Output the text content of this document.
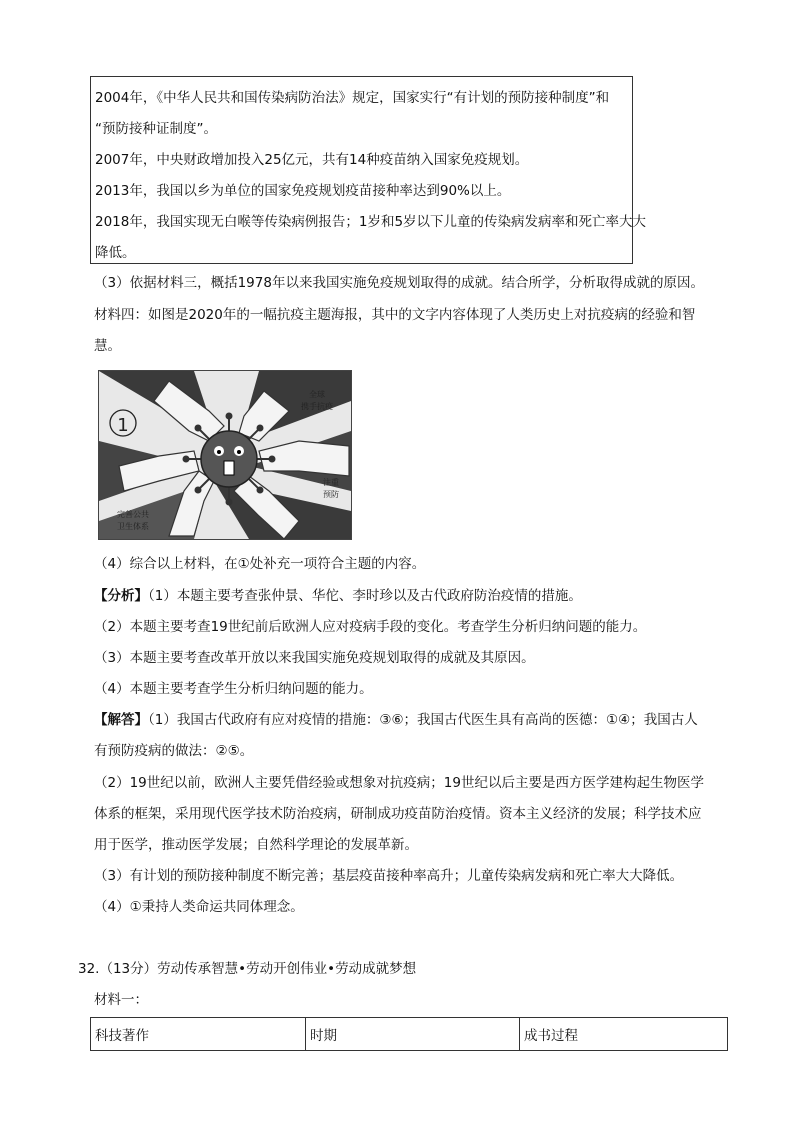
2004年，《中华人民共和国传染病防治法》规定，国家实行“有计划的预防接种制度”和
“预防接种证制度”。
2007年，中央财政增加投入25亿元，共有14种疫苗纳入国家免疫规划。
2013年，我国以乡为单位的国家免疫规划疫苗接种率达到90%以上。
2018年，我国实现无白喉等传染病例报告；1岁和5岁以下儿童的传染病发病率和死亡率大大
降低。
（3）依据材料三，概括1978年以来我国实施免疫规划取得的成就。结合所学，分析取得成就的原因。
材料四：如图是2020年的一幅抗疫主题海报，其中的文字内容体现了人类历史上对抗疫病的经验和智
慧。
1
全球
携手抗疫
注重
预防
完善公共
卫生体系
（4）综合以上材料，在①处补充一项符合主题的内容。
【分析】（1）本题主要考查张仲景、华佗、李时珍以及古代政府防治疫情的措施。
（2）本题主要考查19世纪前后欧洲人应对疫病手段的变化。考查学生分析归纳问题的能力。
（3）本题主要考查改革开放以来我国实施免疫规划取得的成就及其原因。
（4）本题主要考查学生分析归纳问题的能力。
【解答】（1）我国古代政府有应对疫情的措施：③⑥；我国古代医生具有高尚的医德：①④；我国古人
有预防疫病的做法：②⑤。
（2）19世纪以前，欧洲人主要凭借经验或想象对抗疫病；19世纪以后主要是西方医学建构起生物医学
体系的框架，采用现代医学技术防治疫病，研制成功疫苗防治疫情。资本主义经济的发展；科学技术应
用于医学，推动医学发展；自然科学理论的发展革新。
（3）有计划的预防接种制度不断完善；基层疫苗接种率高升；儿童传染病发病和死亡率大大降低。
（4）①秉持人类命运共同体理念。
32.（13分）劳动传承智慧•劳动开创伟业•劳动成就梦想
材料一：
科技著作	时期	成书过程
